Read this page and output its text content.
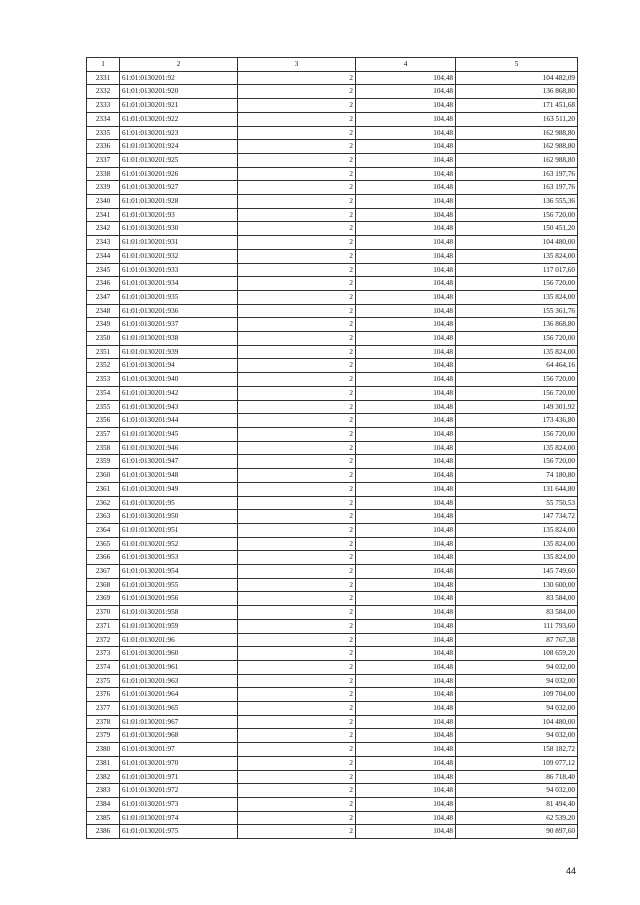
1	2	3	4	5
2331	61:01:0130201:92	2	104,48	104 482,09
2332	61:01:0130201:920	2	104,48	136 868,80
2333	61:01:0130201:921	2	104,48	171 451,68
2334	61:01:0130201:922	2	104,48	163 511,20
2335	61:01:0130201:923	2	104,48	162 988,80
2336	61:01:0130201:924	2	104,48	162 988,80
2337	61:01:0130201:925	2	104,48	162 988,80
2338	61:01:0130201:926	2	104,48	163 197,76
2339	61:01:0130201:927	2	104,48	163 197,76
2340	61:01:0130201:928	2	104,48	136 555,36
2341	61:01:0130201:93	2	104,48	156 720,00
2342	61:01:0130201:930	2	104,48	150 451,20
2343	61:01:0130201:931	2	104,48	104 480,00
2344	61:01:0130201:932	2	104,48	135 824,00
2345	61:01:0130201:933	2	104,48	117 017,60
2346	61:01:0130201:934	2	104,48	156 720,00
2347	61:01:0130201:935	2	104,48	135 824,00
2348	61:01:0130201:936	2	104,48	155 361,76
2349	61:01:0130201:937	2	104,48	136 868,80
2350	61:01:0130201:938	2	104,48	156 720,00
2351	61:01:0130201:939	2	104,48	135 824,00
2352	61:01:0130201:94	2	104,48	64 464,16
2353	61:01:0130201:940	2	104,48	156 720,00
2354	61:01:0130201:942	2	104,48	156 720,00
2355	61:01:0130201:943	2	104,48	149 301,92
2356	61:01:0130201:944	2	104,48	173 436,80
2357	61:01:0130201:945	2	104,48	156 720,00
2358	61:01:0130201:946	2	104,48	135 824,00
2359	61:01:0130201:947	2	104,48	156 720,00
2360	61:01:0130201:948	2	104,48	74 180,80
2361	61:01:0130201:949	2	104,48	131 644,80
2362	61:01:0130201:95	2	104,48	55 750,53
2363	61:01:0130201:950	2	104,48	147 734,72
2364	61:01:0130201:951	2	104,48	135 824,00
2365	61:01:0130201:952	2	104,48	135 824,00
2366	61:01:0130201:953	2	104,48	135 824,00
2367	61:01:0130201:954	2	104,48	145 749,60
2368	61:01:0130201:955	2	104,48	130 600,00
2369	61:01:0130201:956	2	104,48	83 584,00
2370	61:01:0130201:958	2	104,48	83 584,00
2371	61:01:0130201:959	2	104,48	111 793,60
2372	61:01:0130201:96	2	104,48	87 767,38
2373	61:01:0130201:960	2	104,48	108 659,20
2374	61:01:0130201:961	2	104,48	94 032,00
2375	61:01:0130201:963	2	104,48	94 032,00
2376	61:01:0130201:964	2	104,48	109 704,00
2377	61:01:0130201:965	2	104,48	94 032,00
2378	61:01:0130201:967	2	104,48	104 480,00
2379	61:01:0130201:968	2	104,48	94 032,00
2380	61:01:0130201:97	2	104,48	158 182,72
2381	61:01:0130201:970	2	104,48	109 077,12
2382	61:01:0130201:971	2	104,48	86 718,40
2383	61:01:0130201:972	2	104,48	94 032,00
2384	61:01:0130201:973	2	104,48	81 494,40
2385	61:01:0130201:974	2	104,48	62 539,20
2386	61:01:0130201:975	2	104,48	90 897,60
44
